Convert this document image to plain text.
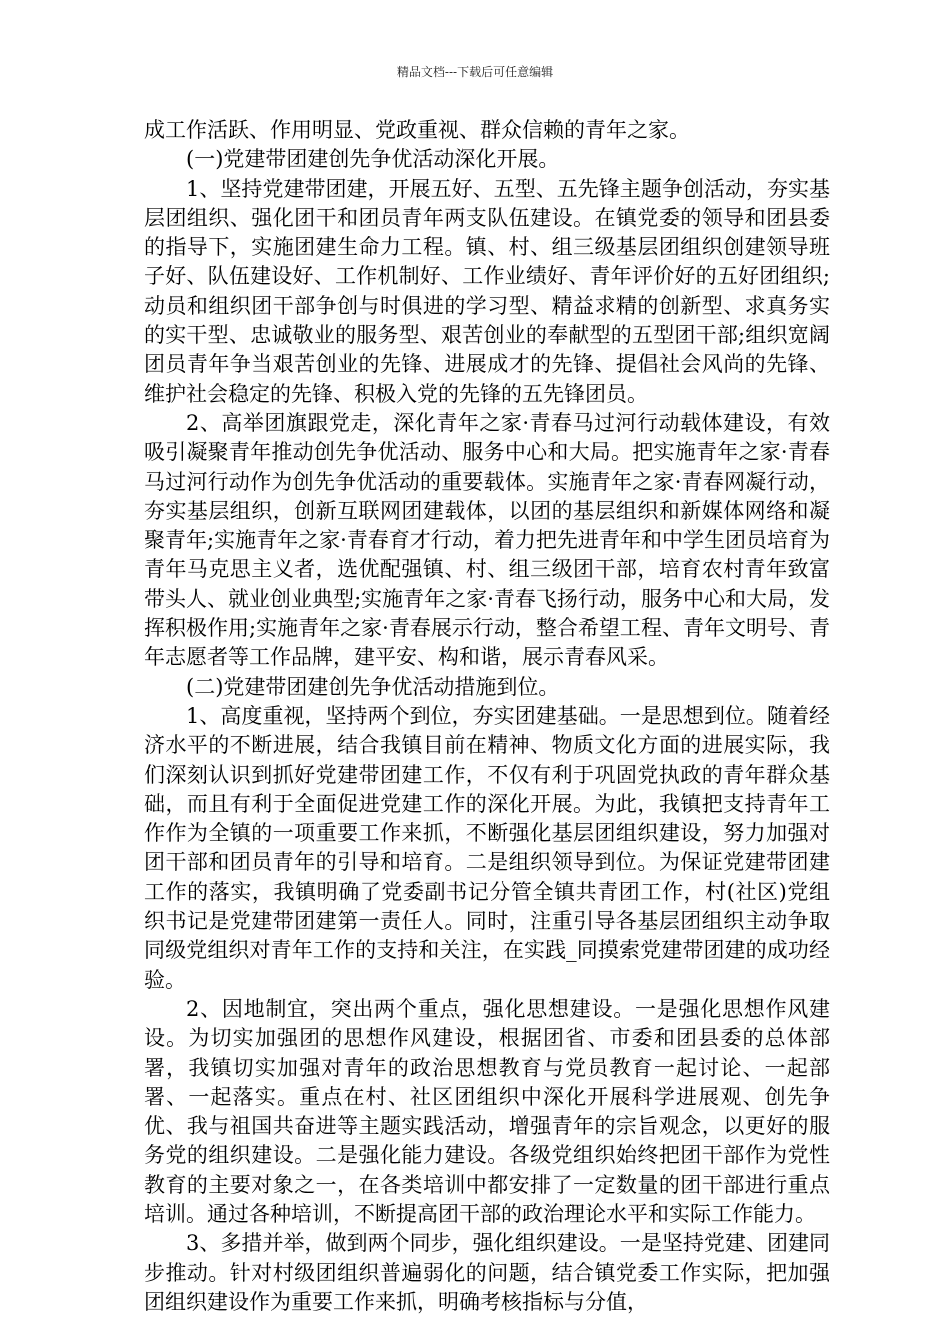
精品文档---下载后可任意编辑

成工作活跃、作用明显、党政重视、群众信赖的青年之家。

(一)党建带团建创先争优活动深化开展。

1、坚持党建带团建，开展五好、五型、五先锋主题争创活动，夯实基层团组织、强化团干和团员青年两支队伍建设。在镇党委的领导和团县委的指导下，实施团建生命力工程。镇、村、组三级基层团组织创建领导班子好、队伍建设好、工作机制好、工作业绩好、青年评价好的五好团组织;动员和组织团干部争创与时俱进的学习型、精益求精的创新型、求真务实的实干型、忠诚敬业的服务型、艰苦创业的奉献型的五型团干部;组织宽阔团员青年争当艰苦创业的先锋、进展成才的先锋、提倡社会风尚的先锋、维护社会稳定的先锋、积极入党的先锋的五先锋团员。

2、高举团旗跟党走，深化青年之家·青春马过河行动载体建设，有效吸引凝聚青年推动创先争优活动、服务中心和大局。把实施青年之家·青春马过河行动作为创先争优活动的重要载体。实施青年之家·青春网凝行动，夯实基层组织，创新互联网团建载体，以团的基层组织和新媒体网络和凝聚青年;实施青年之家·青春育才行动，着力把先进青年和中学生团员培育为青年马克思主义者，选优配强镇、村、组三级团干部，培育农村青年致富带头人、就业创业典型;实施青年之家·青春飞扬行动，服务中心和大局，发挥积极作用;实施青年之家·青春展示行动，整合希望工程、青年文明号、青年志愿者等工作品牌，建平安、构和谐，展示青春风采。

(二)党建带团建创先争优活动措施到位。

1、高度重视，坚持两个到位，夯实团建基础。一是思想到位。随着经济水平的不断进展，结合我镇目前在精神、物质文化方面的进展实际，我们深刻认识到抓好党建带团建工作，不仅有利于巩固党执政的青年群众基础，而且有利于全面促进党建工作的深化开展。为此，我镇把支持青年工作作为全镇的一项重要工作来抓，不断强化基层团组织建设，努力加强对团干部和团员青年的引导和培育。二是组织领导到位。为保证党建带团建工作的落实，我镇明确了党委副书记分管全镇共青团工作，村(社区)党组织书记是党建带团建第一责任人。同时，注重引导各基层团组织主动争取同级党组织对青年工作的支持和关注，在实践_同摸索党建带团建的成功经验。

2、因地制宜，突出两个重点，强化思想建设。一是强化思想作风建设。为切实加强团的思想作风建设，根据团省、市委和团县委的总体部署，我镇切实加强对青年的政治思想教育与党员教育一起讨论、一起部署、一起落实。重点在村、社区团组织中深化开展科学进展观、创先争优、我与祖国共奋进等主题实践活动，增强青年的宗旨观念，以更好的服务党的组织建设。二是强化能力建设。各级党组织始终把团干部作为党性教育的主要对象之一，在各类培训中都安排了一定数量的团干部进行重点培训。通过各种培训，不断提高团干部的政治理论水平和实际工作能力。

3、多措并举，做到两个同步，强化组织建设。一是坚持党建、团建同步推动。针对村级团组织普遍弱化的问题，结合镇党委工作实际，把加强团组织建设作为重要工作来抓，明确考核指标与分值，
